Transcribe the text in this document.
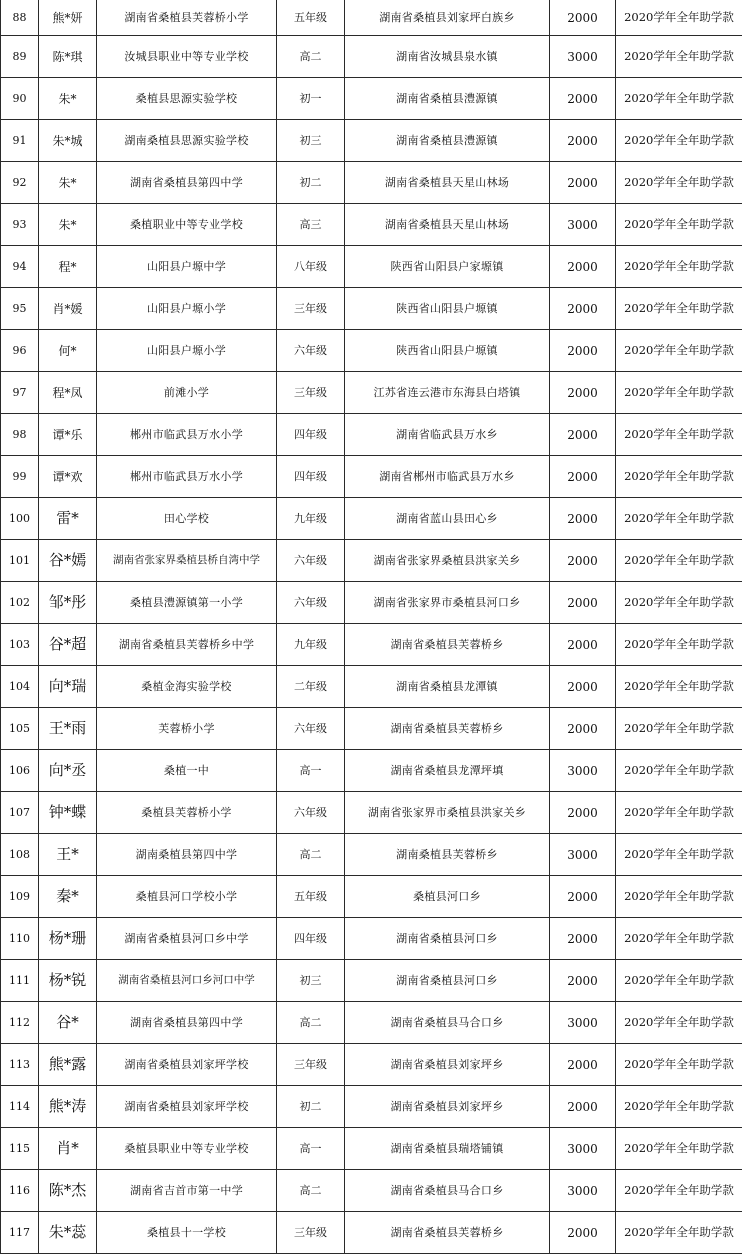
88	熊*妍	湖南省桑植县芙蓉桥小学	五年级	湖南省桑植县刘家坪白族乡	2000	2020学年全年助学款
89	陈*琪	汝城县职业中等专业学校	高二	湖南省汝城县泉水镇	3000	2020学年全年助学款
90	朱*	桑植县思源实验学校	初一	湖南省桑植县澧源镇	2000	2020学年全年助学款
91	朱*城	湖南桑植县思源实验学校	初三	湖南省桑植县澧源镇	2000	2020学年全年助学款
92	朱*	湖南省桑植县第四中学	初二	湖南省桑植县天星山林场	2000	2020学年全年助学款
93	朱*	桑植职业中等专业学校	高三	湖南省桑植县天星山林场	3000	2020学年全年助学款
94	程*	山阳县户塬中学	八年级	陕西省山阳县户家塬镇	2000	2020学年全年助学款
95	肖*媛	山阳县户塬小学	三年级	陕西省山阳县户塬镇	2000	2020学年全年助学款
96	何*	山阳县户塬小学	六年级	陕西省山阳县户塬镇	2000	2020学年全年助学款
97	程*凤	前滩小学	三年级	江苏省连云港市东海县白塔镇	2000	2020学年全年助学款
98	谭*乐	郴州市临武县万水小学	四年级	湖南省临武县万水乡	2000	2020学年全年助学款
99	谭*欢	郴州市临武县万水小学	四年级	湖南省郴州市临武县万水乡	2000	2020学年全年助学款
100	雷*	田心学校	九年级	湖南省蓝山县田心乡	2000	2020学年全年助学款
101	谷*嫣	湖南省张家界桑植县桥自湾中学	六年级	湖南省张家界桑植县洪家关乡	2000	2020学年全年助学款
102	邹*彤	桑植县澧源镇第一小学	六年级	湖南省张家界市桑植县河口乡	2000	2020学年全年助学款
103	谷*超	湖南省桑植县芙蓉桥乡中学	九年级	湖南省桑植县芙蓉桥乡	2000	2020学年全年助学款
104	向*瑞	桑植金海实验学校	二年级	湖南省桑植县龙潭镇	2000	2020学年全年助学款
105	王*雨	芙蓉桥小学	六年级	湖南省桑植县芙蓉桥乡	2000	2020学年全年助学款
106	向*丞	桑植一中	高一	湖南省桑植县龙潭坪填	3000	2020学年全年助学款
107	钟*蝶	桑植县芙蓉桥小学	六年级	湖南省张家界市桑植县洪家关乡	2000	2020学年全年助学款
108	王*	湖南桑植县第四中学	高二	湖南桑植县芙蓉桥乡	3000	2020学年全年助学款
109	秦*	桑植县河口学校小学	五年级	桑植县河口乡	2000	2020学年全年助学款
110	杨*珊	湖南省桑植县河口乡中学	四年级	湖南省桑植县河口乡	2000	2020学年全年助学款
111	杨*锐	湖南省桑植县河口乡河口中学	初三	湖南省桑植县河口乡	2000	2020学年全年助学款
112	谷*	湖南省桑植县第四中学	高二	湖南省桑植县马合口乡	3000	2020学年全年助学款
113	熊*露	湖南省桑植县刘家坪学校	三年级	湖南省桑植县刘家坪乡	2000	2020学年全年助学款
114	熊*涛	湖南省桑植县刘家坪学校	初二	湖南省桑植县刘家坪乡	2000	2020学年全年助学款
115	肖*	桑植县职业中等专业学校	高一	湖南省桑植县瑞塔铺镇	3000	2020学年全年助学款
116	陈*杰	湖南省吉首市第一中学	高二	湖南省桑植县马合口乡	3000	2020学年全年助学款
117	朱*蕊	桑植县十一学校	三年级	湖南省桑植县芙蓉桥乡	2000	2020学年全年助学款
